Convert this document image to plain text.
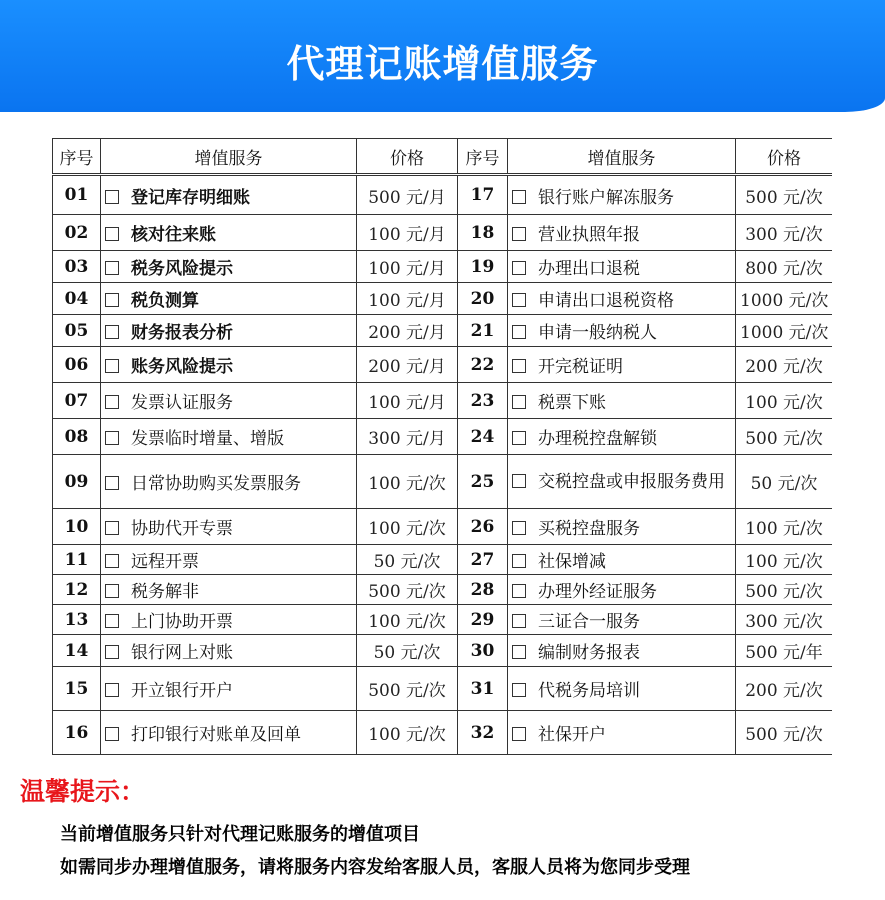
代理记账增值服务
序号	增值服务	价格	序号	增值服务	价格
01	登记库存明细账	500 元/月	17	银行账户解冻服务	500 元/次
02	核对往来账	100 元/月	18	营业执照年报	300 元/次
03	税务风险提示	100 元/月	19	办理出口退税	800 元/次
04	税负测算	100 元/月	20	申请出口退税资格	1000 元/次
05	财务报表分析	200 元/月	21	申请一般纳税人	1000 元/次
06	账务风险提示	200 元/月	22	开完税证明	200 元/次
07	发票认证服务	100 元/月	23	税票下账	100 元/次
08	发票临时增量、增版	300 元/月	24	办理税控盘解锁	500 元/次
09	日常协助购买发票服务	100 元/次	25	交税控盘或申报服务费用	50 元/次
10	协助代开专票	100 元/次	26	买税控盘服务	100 元/次
11	远程开票	50 元/次	27	社保增减	100 元/次
12	税务解非	500 元/次	28	办理外经证服务	500 元/次
13	上门协助开票	100 元/次	29	三证合一服务	300 元/次
14	银行网上对账	50 元/次	30	编制财务报表	500 元/年
15	开立银行开户	500 元/次	31	代税务局培训	200 元/次
16	打印银行对账单及回单	100 元/次	32	社保开户	500 元/次
温馨提示：
当前增值服务只针对代理记账服务的增值项目
如需同步办理增值服务，请将服务内容发给客服人员，客服人员将为您同步受理
